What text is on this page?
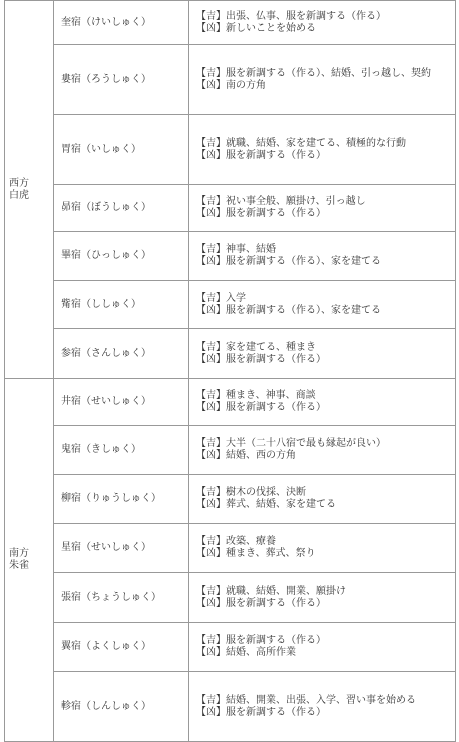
西方
白虎	奎宿（けいしゅく）	【吉】出張、仏事、服を新調する（作る）
【凶】新しいことを始める

	婁宿（ろうしゅく）	【吉】服を新調する（作る）、結婚、引っ越し、契約
【凶】南の方角

	胃宿（いしゅく）	【吉】就職、結婚、家を建てる、積極的な行動
【凶】服を新調する（作る）

	昴宿（ぼうしゅく）	【吉】祝い事全般、願掛け、引っ越し
【凶】服を新調する（作る）

	畢宿（ひっしゅく）	【吉】神事、結婚
【凶】服を新調する（作る）、家を建てる

	觜宿（ししゅく）	【吉】入学
【凶】服を新調する（作る）、家を建てる

	参宿（さんしゅく）	【吉】家を建てる、種まき
【凶】服を新調する（作る）

南方
朱雀	井宿（せいしゅく）	【吉】種まき、神事、商談
【凶】服を新調する（作る）

	鬼宿（きしゅく）	【吉】大半（二十八宿で最も縁起が良い）
【凶】結婚、西の方角

	柳宿（りゅうしゅく）	【吉】樹木の伐採、決断
【凶】葬式、結婚、家を建てる

	星宿（せいしゅく）	【吉】改築、療養
【凶】種まき、葬式、祭り

	張宿（ちょうしゅく）	【吉】就職、結婚、開業、願掛け
【凶】服を新調する（作る）

	翼宿（よくしゅく）	【吉】服を新調する（作る）
【凶】結婚、高所作業

	軫宿（しんしゅく）	【吉】結婚、開業、出張、入学、習い事を始める
【凶】服を新調する（作る）
